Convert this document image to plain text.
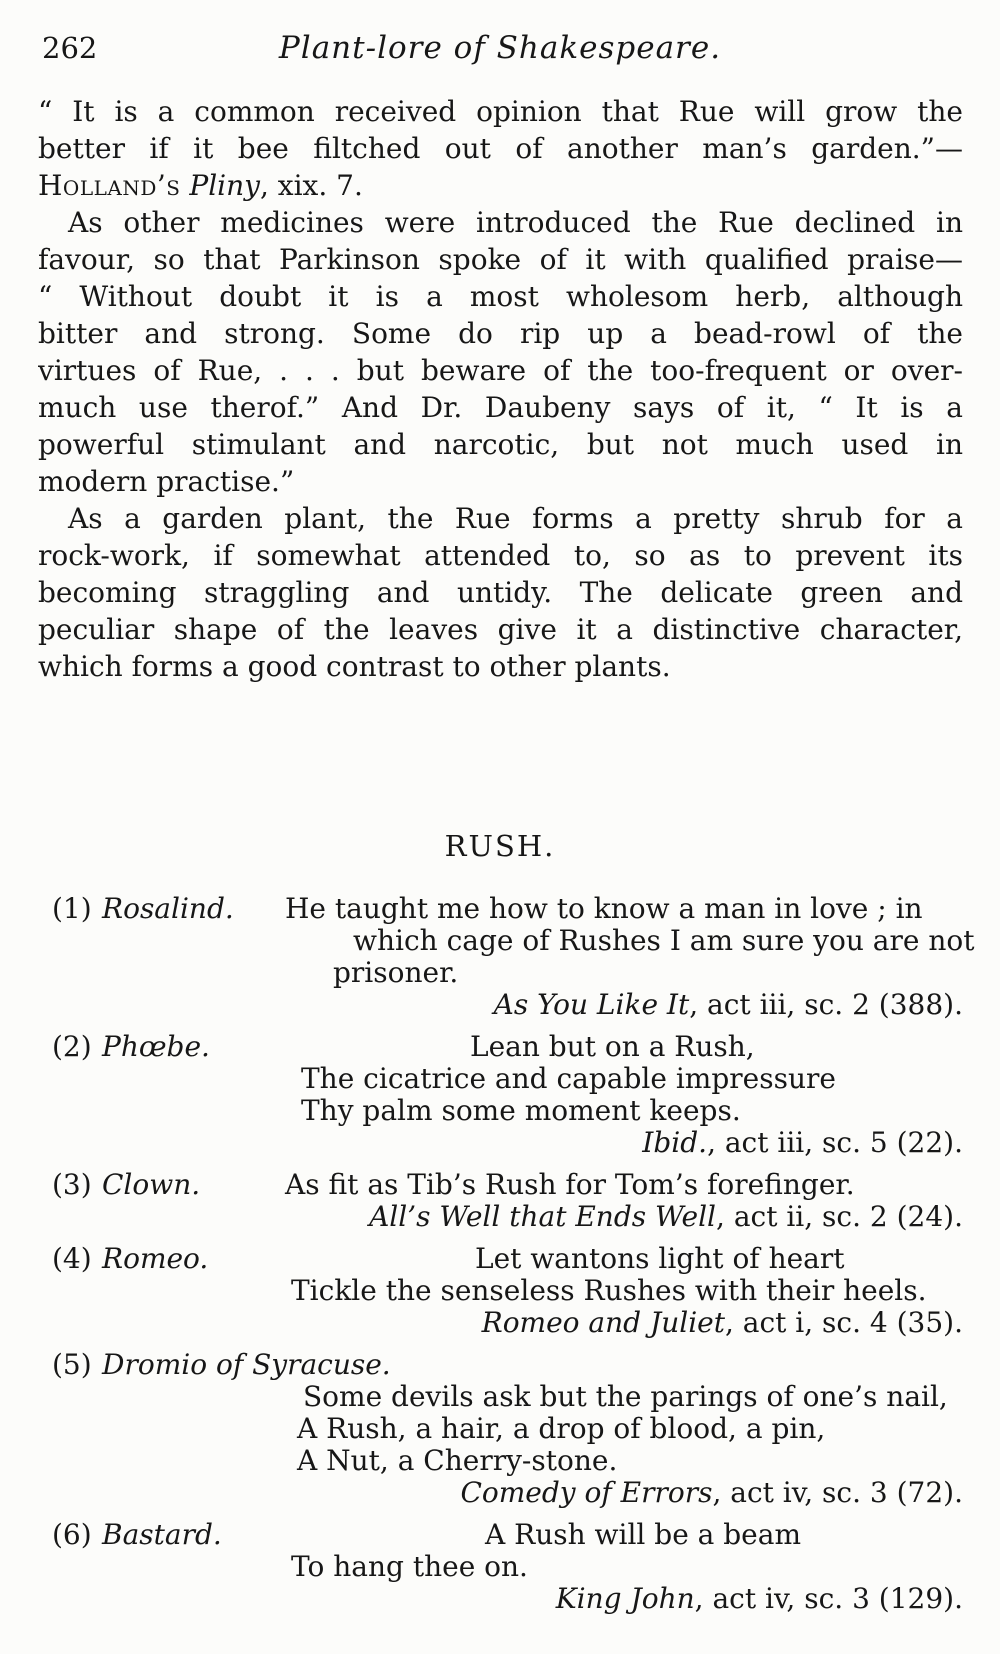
262	Plant-lore of Shakespeare.
“ It is a common received opinion that Rue will grow the
better if it bee filtched out of another man’s garden.”—
Holland’s Pliny, xix. 7.
As other medicines were introduced the Rue declined in
favour, so that Parkinson spoke of it with qualified praise—
“ Without doubt it is a most wholesom herb, although
bitter and strong. Some do rip up a bead-rowl of the
virtues of Rue, . . . but beware of the too-frequent or over-
much use therof.” And Dr. Daubeny says of it, “ It is a
powerful stimulant and narcotic, but not much used in
modern practise.”
As a garden plant, the Rue forms a pretty shrub for a
rock-work, if somewhat attended to, so as to prevent its
becoming straggling and untidy. The delicate green and
peculiar shape of the leaves give it a distinctive character,
which forms a good contrast to other plants.
RUSH.
(1) Rosalind. He taught me how to know a man in love ; in
which cage of Rushes I am sure you are not
prisoner.
As You Like It, act iii, sc. 2 (388).
(2) Phœbe.	Lean but on a Rush,
The cicatrice and capable impressure
Thy palm some moment keeps.
Ibid., act iii, sc. 5 (22).
(3) Clown.	As fit as Tib’s Rush for Tom’s forefinger.
All’s Well that Ends Well, act ii, sc. 2 (24).
(4) Romeo.	Let wantons light of heart
Tickle the senseless Rushes with their heels.
Romeo and Juliet, act i, sc. 4 (35).
(5) Dromio of Syracuse.
Some devils ask but the parings of one’s nail,
A Rush, a hair, a drop of blood, a pin,
A Nut, a Cherry-stone.
Comedy of Errors, act iv, sc. 3 (72).
(6) Bastard.	A Rush will be a beam
To hang thee on.
King John, act iv, sc. 3 (129).
